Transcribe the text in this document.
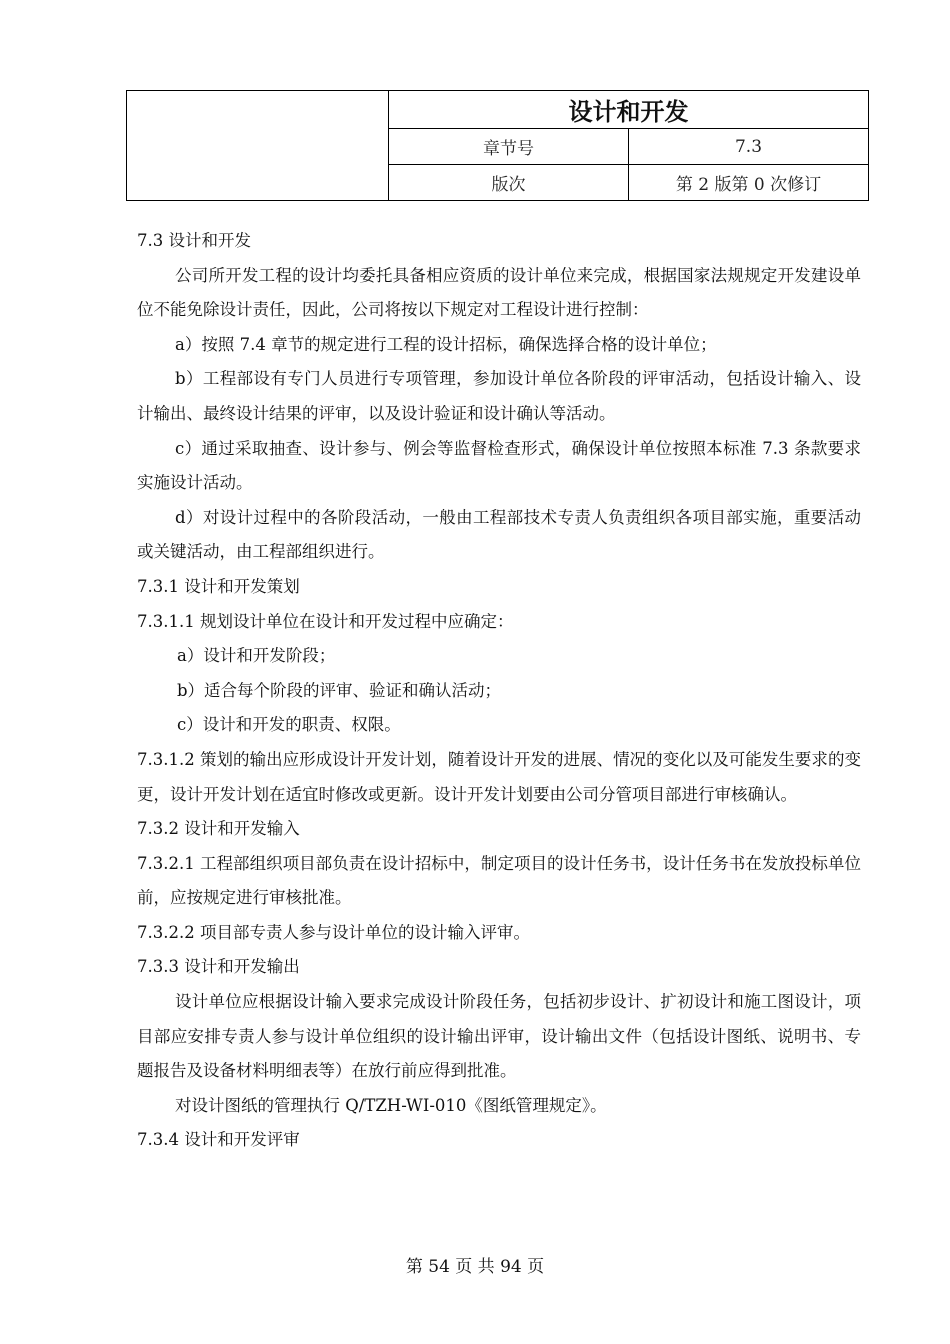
	设计和开发	
	章节号	7.3
	版次	第 2 版第 0 次修订

7.3 设计和开发

公司所开发工程的设计均委托具备相应资质的设计单位来完成，根据国家法规规定开发建设单位不能免除设计责任，因此，公司将按以下规定对工程设计进行控制：

a）按照 7.4 章节的规定进行工程的设计招标，确保选择合格的设计单位；

b）工程部设有专门人员进行专项管理，参加设计单位各阶段的评审活动，包括设计输入、设计输出、最终设计结果的评审，以及设计验证和设计确认等活动。

c）通过采取抽查、设计参与、例会等监督检查形式，确保设计单位按照本标准 7.3 条款要求实施设计活动。

d）对设计过程中的各阶段活动，一般由工程部技术专责人负责组织各项目部实施，重要活动或关键活动，由工程部组织进行。

7.3.1 设计和开发策划

7.3.1.1 规划设计单位在设计和开发过程中应确定：

a）设计和开发阶段；

b）适合每个阶段的评审、验证和确认活动；

c）设计和开发的职责、权限。

7.3.1.2 策划的输出应形成设计开发计划，随着设计开发的进展、情况的变化以及可能发生要求的变更，设计开发计划在适宜时修改或更新。设计开发计划要由公司分管项目部进行审核确认。

7.3.2 设计和开发输入

7.3.2.1 工程部组织项目部负责在设计招标中，制定项目的设计任务书，设计任务书在发放投标单位前，应按规定进行审核批准。

7.3.2.2 项目部专责人参与设计单位的设计输入评审。

7.3.3 设计和开发输出

设计单位应根据设计输入要求完成设计阶段任务，包括初步设计、扩初设计和施工图设计，项目部应安排专责人参与设计单位组织的设计输出评审，设计输出文件（包括设计图纸、说明书、专题报告及设备材料明细表等）在放行前应得到批准。

对设计图纸的管理执行 Q/TZH-WI-010《图纸管理规定》。

7.3.4 设计和开发评审

第 54 页 共 94 页
